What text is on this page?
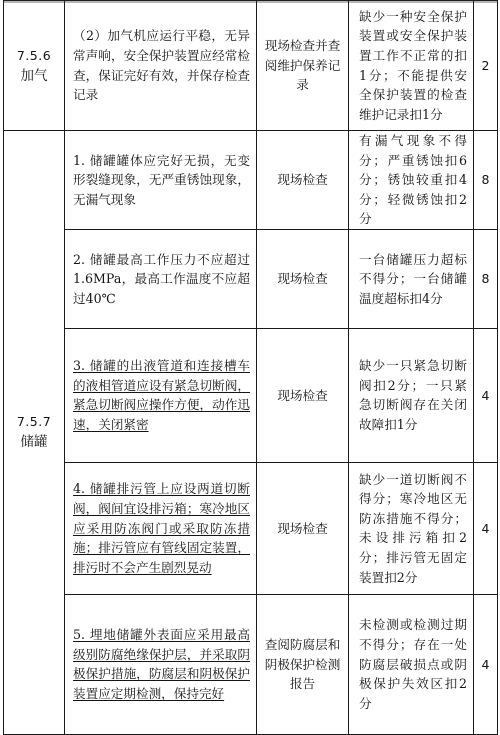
7.5.6
加气	（2）加气机应运行平稳，无异常声响，安全保护装置应经常检查，保证完好有效，并保存检查记录	现场检查并查阅维护保养记录	缺少一种安全保护装置或安全保护装置工作不正常的扣1分；不能提供安全保护装置的检查维护记录扣1分	2

7.5.7
储罐	1. 储罐罐体应完好无损，无变形裂缝现象，无严重锈蚀现象，无漏气现象	现场检查	有漏气现象不得分；严重锈蚀扣6分；锈蚀较重扣4分；轻微锈蚀扣2分	8
	2. 储罐最高工作压力不应超过1.6MPa，最高工作温度不应超过40℃	现场检查	一台储罐压力超标不得分；一台储罐温度超标扣4分	8
	3. 储罐的出液管道和连接槽车的液相管道应设有紧急切断阀，紧急切断阀应操作方便，动作迅速，关闭紧密	现场检查	缺少一只紧急切断阀扣2分；一只紧急切断阀存在关闭故障扣1分	4
	4. 储罐排污管上应设两道切断阀，阀间宜设排污箱；寒冷地区应采用防冻阀门或采取防冻措施；排污管应有管线固定装置，排污时不会产生剧烈晃动	现场检查	缺少一道切断阀不得分；寒冷地区无防冻措施不得分；未设排污箱扣2分；排污管无固定装置扣2分	4
	5. 埋地储罐外表面应采用最高级别防腐绝缘保护层，并采取阴极保护措施，防腐层和阴极保护装置应定期检测，保持完好	查阅防腐层和阴极保护检测报告	未检测或检测过期不得分；存在一处防腐层破损点或阴极保护失效区扣2分	4
